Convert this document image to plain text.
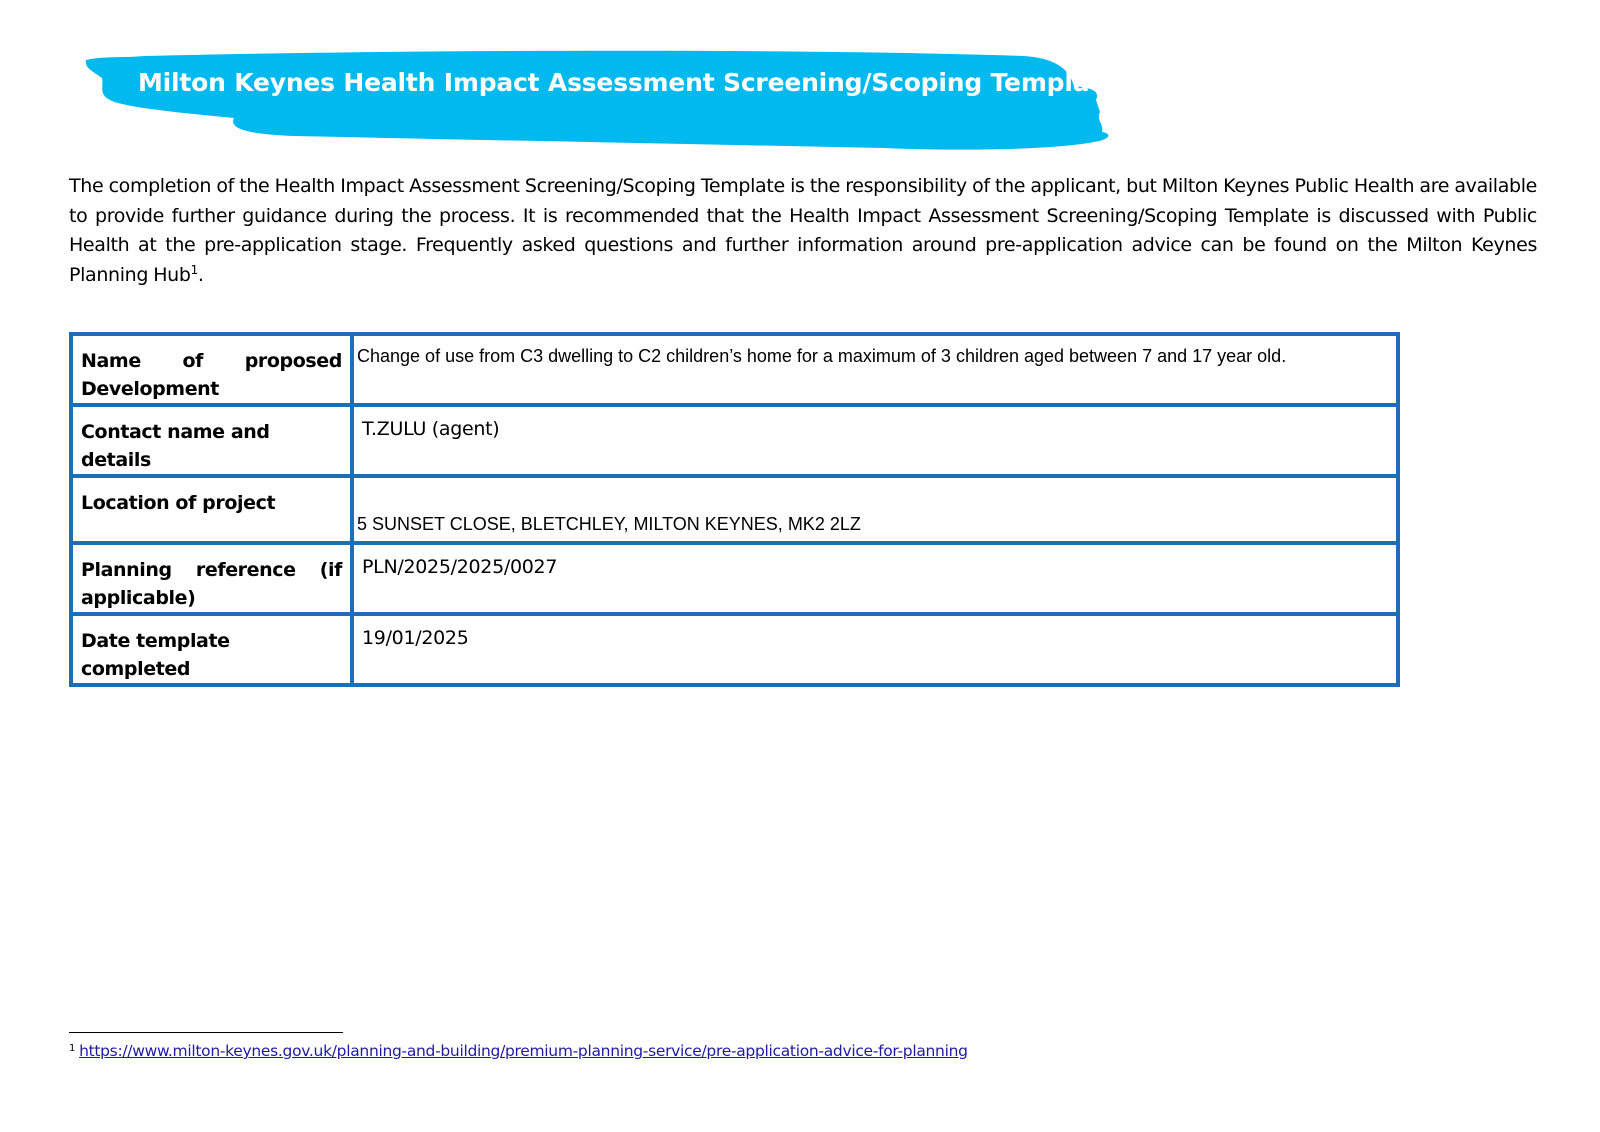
Milton Keynes Health Impact Assessment Screening/Scoping Template

The completion of the Health Impact Assessment Screening/Scoping Template is the responsibility of the applicant, but Milton Keynes Public Health are available to provide further guidance during the process. It is recommended that the Health Impact Assessment Screening/Scoping Template is discussed with Public Health at the pre-application stage. Frequently asked questions and further information around pre-application advice can be found on the Milton Keynes Planning Hub$^1$.

Name of proposed Development	Change of use from C3 dwelling to C2 children’s home for a maximum of 3 children aged between 7 and 17 year old.

Contact name and details	T.ZULU (agent)

Location of project	5 SUNSET CLOSE, BLETCHLEY, MILTON KEYNES, MK2 2LZ

Planning reference (if applicable)	PLN/2025/2025/0027

Date template completed	19/01/2025
$^1$ https://www.milton-keynes.gov.uk/planning-and-building/premium-planning-service/pre-application-advice-for-planning
